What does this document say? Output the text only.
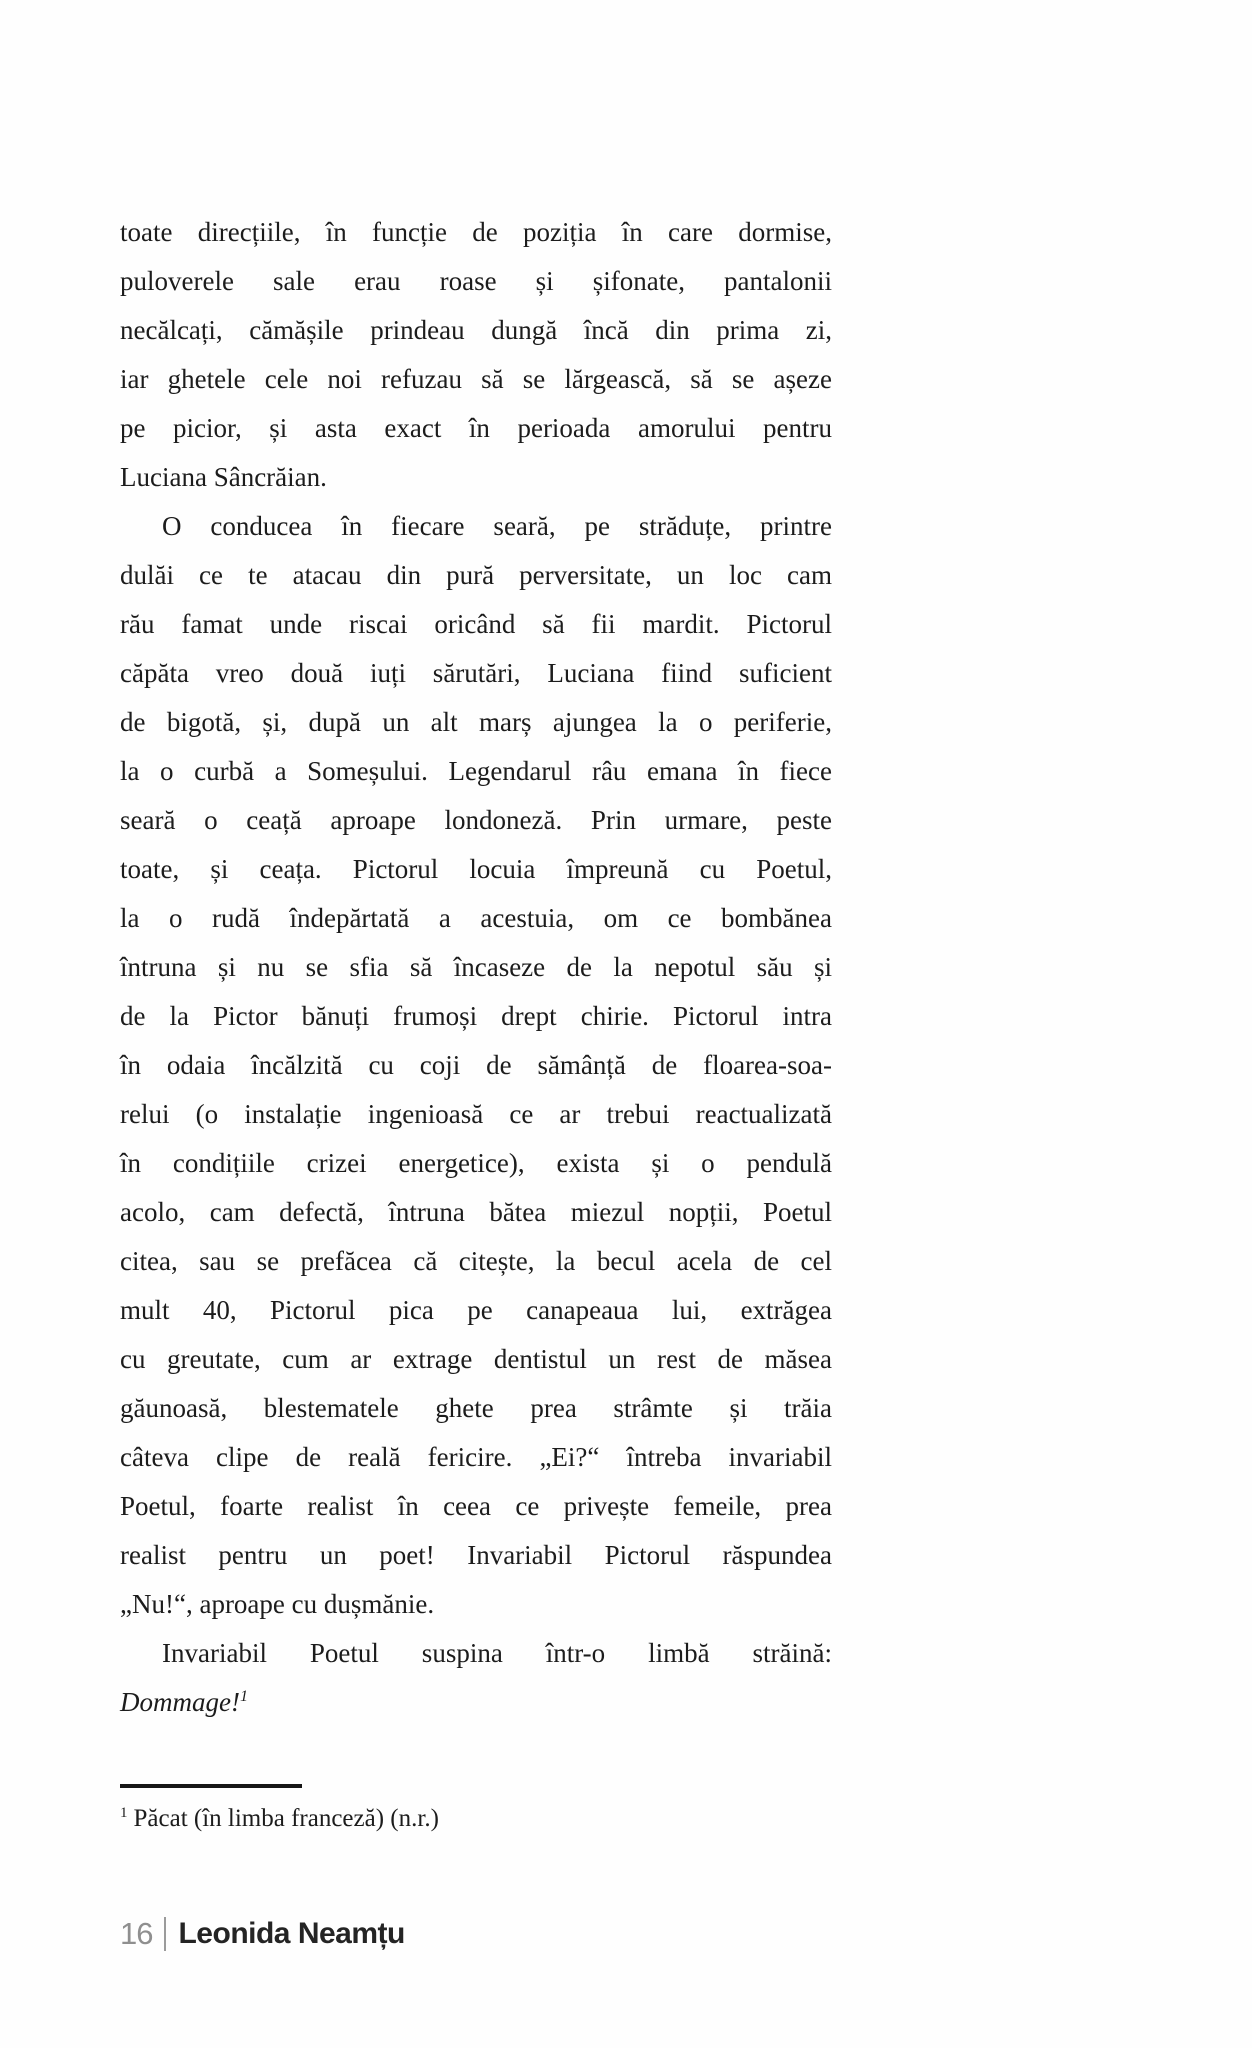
toate direcțiile, în funcție de poziția în care dormise,
puloverele sale erau roase și șifonate, pantalonii
necălcați, cămășile prindeau dungă încă din prima zi,
iar ghetele cele noi refuzau să se lărgească, să se așeze
pe picior, și asta exact în perioada amorului pentru
Luciana Sâncrăian.
O conducea în fiecare seară, pe străduțe, printre
dulăi ce te atacau din pură perversitate, un loc cam
rău famat unde riscai oricând să fii mardit. Pictorul
căpăta vreo două iuți sărutări, Luciana fiind suficient
de bigotă, și, după un alt marș ajungea la o periferie,
la o curbă a Someșului. Legendarul râu emana în fiece
seară o ceață aproape londoneză. Prin urmare, peste
toate, și ceața. Pictorul locuia împreună cu Poetul,
la o rudă îndepărtată a acestuia, om ce bombănea
întruna și nu se sfia să încaseze de la nepotul său și
de la Pictor bănuți frumoși drept chirie. Pictorul intra
în odaia încălzită cu coji de sămânță de floarea-soa-
relui (o instalație ingenioasă ce ar trebui reactualizată
în condițiile crizei energetice), exista și o pendulă
acolo, cam defectă, întruna bătea miezul nopții, Poetul
citea, sau se prefăcea că citește, la becul acela de cel
mult 40, Pictorul pica pe canapeaua lui, extrăgea
cu greutate, cum ar extrage dentistul un rest de măsea
găunoasă, blestematele ghete prea strâmte și trăia
câteva clipe de reală fericire. „Ei?“ întreba invariabil
Poetul, foarte realist în ceea ce privește femeile, prea
realist pentru un poet! Invariabil Pictorul răspundea
„Nu!“, aproape cu dușmănie.
Invariabil Poetul suspina într-o limbă străină:
Dommage!$^1$
$^1$ Păcat (în limba franceză) (n.r.)
16 Leonida Neamțu
